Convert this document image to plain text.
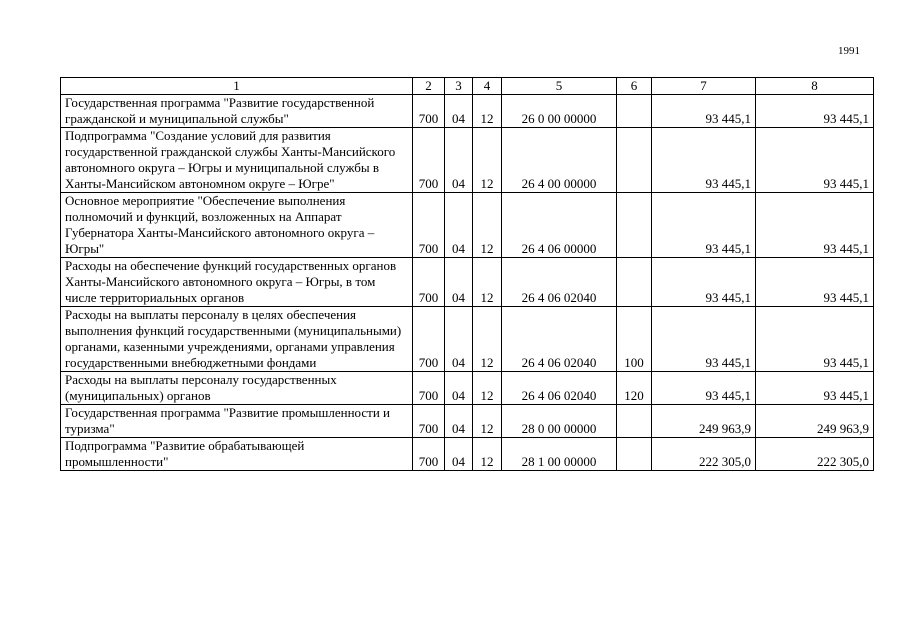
1991
1	2	3	4	5	6	7	8
Государственная программа "Развитие государственной гражданской и муниципальной службы"	700	04	12	26 0 00 00000		93 445,1	93 445,1
Подпрограмма "Создание условий для развития государственной гражданской службы Ханты-Мансийского автономного округа – Югры и муниципальной службы в Ханты-Мансийском автономном округе – Югре"	700	04	12	26 4 00 00000		93 445,1	93 445,1
Основное мероприятие "Обеспечение выполнения полномочий и функций, возложенных на Аппарат Губернатора Ханты-Мансийского автономного округа – Югры"	700	04	12	26 4 06 00000		93 445,1	93 445,1
Расходы на обеспечение функций государственных органов Ханты-Мансийского автономного округа – Югры, в том числе территориальных органов	700	04	12	26 4 06 02040		93 445,1	93 445,1
Расходы на выплаты персоналу в целях обеспечения выполнения функций государственными (муниципальными) органами, казенными учреждениями, органами управления государственными внебюджетными фондами	700	04	12	26 4 06 02040	100	93 445,1	93 445,1
Расходы на выплаты персоналу государственных (муниципальных) органов	700	04	12	26 4 06 02040	120	93 445,1	93 445,1
Государственная программа "Развитие промышленности и туризма"	700	04	12	28 0 00 00000		249 963,9	249 963,9
Подпрограмма "Развитие обрабатывающей промышленности"	700	04	12	28 1 00 00000		222 305,0	222 305,0
